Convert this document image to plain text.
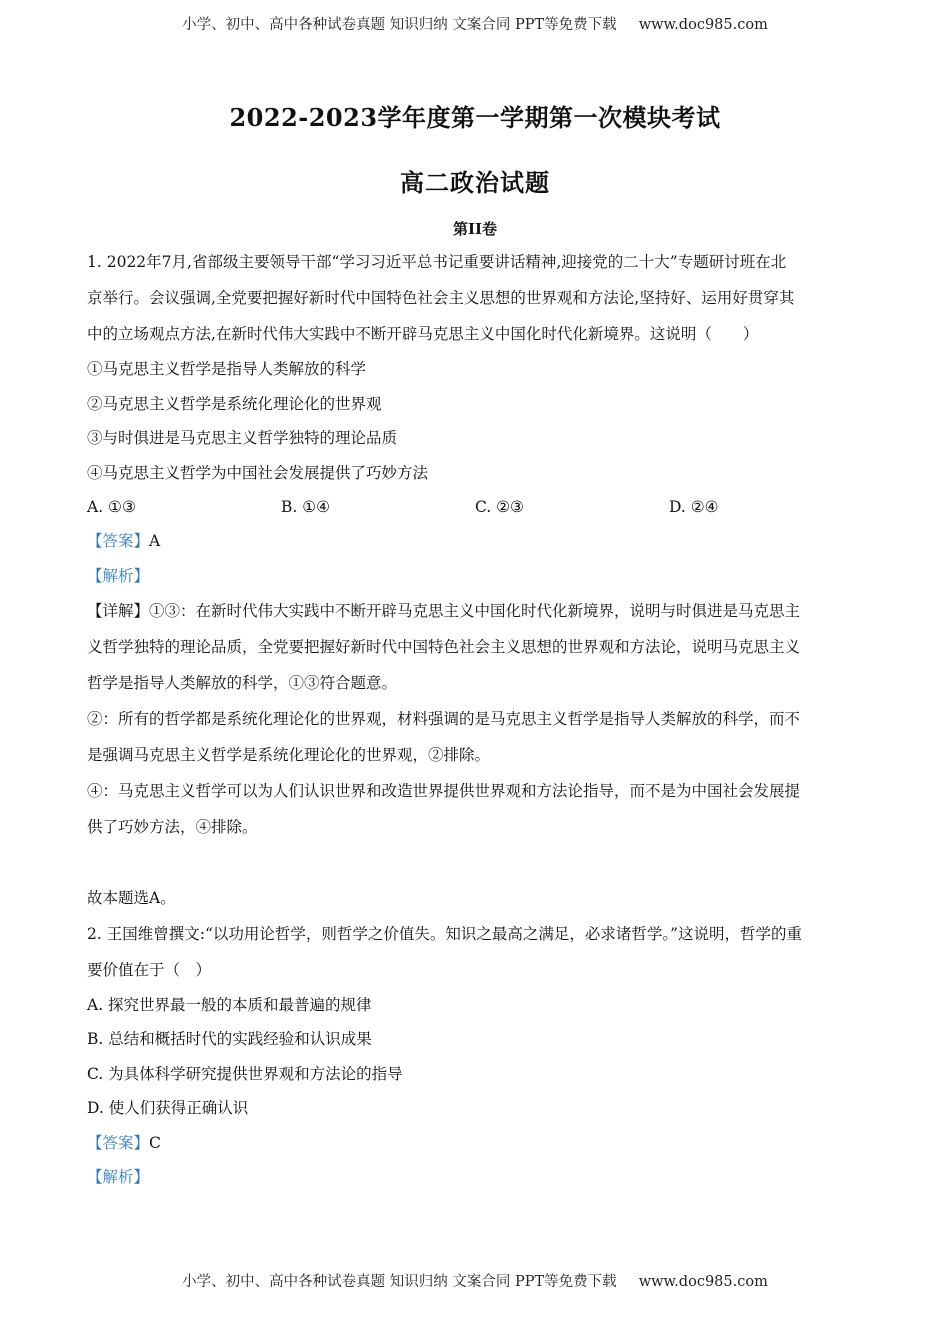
小学、初中、高中各种试卷真题 知识归纳 文案合同 PPT等免费下载 www.doc985.com
2022-2023学年度第一学期第一次模块考试
高二政治试题
第II卷

1. 2022年7月,省部级主要领导干部“学习习近平总书记重要讲话精神,迎接党的二十大”专题研讨班在北

京举行。会议强调,全党要把握好新时代中国特色社会主义思想的世界观和方法论,坚持好、运用好贯穿其

中的立场观点方法,在新时代伟大实践中不断开辟马克思主义中国化时代化新境界。这说明（　　）

①马克思主义哲学是指导人类解放的科学

②马克思主义哲学是系统化理论化的世界观

③与时俱进是马克思主义哲学独特的理论品质

④马克思主义哲学为中国社会发展提供了巧妙方法

A. ①③	B. ①④	C. ②③	D. ②④

【答案】A

【解析】

【详解】①③：在新时代伟大实践中不断开辟马克思主义中国化时代化新境界，说明与时俱进是马克思主

义哲学独特的理论品质，全党要把握好新时代中国特色社会主义思想的世界观和方法论，说明马克思主义

哲学是指导人类解放的科学，①③符合题意。

②：所有的哲学都是系统化理论化的世界观，材料强调的是马克思主义哲学是指导人类解放的科学，而不

是强调马克思主义哲学是系统化理论化的世界观，②排除。

④：马克思主义哲学可以为人们认识世界和改造世界提供世界观和方法论指导，而不是为中国社会发展提

供了巧妙方法，④排除。

故本题选A。

2. 王国维曾撰文:“以功用论哲学，则哲学之价值失。知识之最高之满足，必求诸哲学。”这说明，哲学的重

要价值在于（　）

A. 探究世界最一般的本质和最普遍的规律

B. 总结和概括时代的实践经验和认识成果

C. 为具体科学研究提供世界观和方法论的指导

D. 使人们获得正确认识

【答案】C

【解析】

小学、初中、高中各种试卷真题 知识归纳 文案合同 PPT等免费下载 www.doc985.com
